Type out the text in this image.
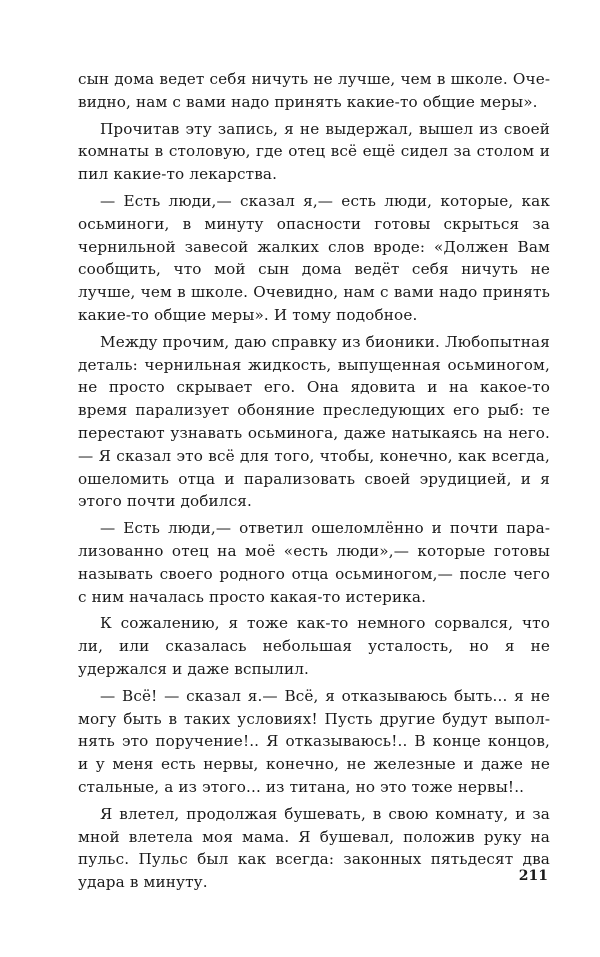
сын дома ведет себя ничуть не лучше, чем в школе. Очевидно, нам с вами надо принять какие-то общие меры».

Прочитав эту запись, я не выдержал, вышел из своей комнаты в столовую, где отец всё ещё сидел за столом и пил какие-то лекарства.

— Есть люди,— сказал я,— есть люди, которые, как осьминоги, в минуту опасности готовы скрыться за чернильной завесой жалких слов вроде: «Должен Вам сообщить, что мой сын дома ведёт себя ничуть не лучше, чем в школе. Очевидно, нам с вами надо принять какие-то общие меры». И тому подобное.

Между прочим, даю справку из бионики. Любопытная деталь: чернильная жидкость, выпущенная осьминогом, не просто скрывает его. Она ядовита и на какое-то время парализует обоняние преследующих его рыб: те перестают узнавать осьминога, даже натыкаясь на него.— Я сказал это всё для того, чтобы, конечно, как всегда, ошеломить отца и парализовать своей эрудицией, и я этого почти добился.

— Есть люди,— ответил ошеломлённо и почти парализованно отец на моё «есть люди»,— которые готовы называть своего родного отца осьминогом,— после чего с ним началась просто какая-то истерика.

К сожалению, я тоже как-то немного сорвался, что ли, или сказалась небольшая усталость, но я не удержался и даже вспылил.

— Всё! — сказал я.— Всё, я отказываюсь быть... я не могу быть в таких условиях! Пусть другие будут выполнять это поручение!.. Я отказываюсь!.. В конце концов, и у меня есть нервы, конечно, не железные и даже не стальные, а из этого... из титана, но это тоже нервы!..

Я влетел, продолжая бушевать, в свою комнату, и за мной влетела моя мама. Я бушевал, положив руку на пульс. Пульс был как всегда: законных пятьдесят два удара в минуту.	211
